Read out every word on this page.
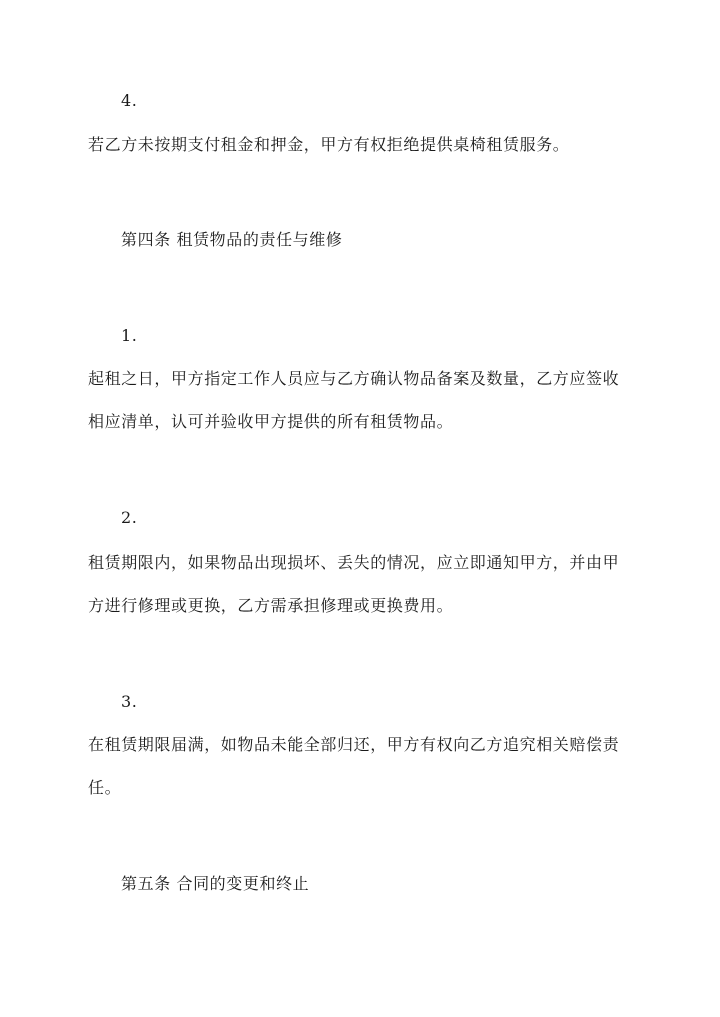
4.
若乙方未按期支付租金和押金，甲方有权拒绝提供桌椅租赁服务。
第四条 租赁物品的责任与维修
1.
起租之日，甲方指定工作人员应与乙方确认物品备案及数量，乙方应签收
相应清单，认可并验收甲方提供的所有租赁物品。
2.
租赁期限内，如果物品出现损坏、丢失的情况，应立即通知甲方，并由甲
方进行修理或更换，乙方需承担修理或更换费用。
3.
在租赁期限届满，如物品未能全部归还，甲方有权向乙方追究相关赔偿责
任。
第五条 合同的变更和终止
